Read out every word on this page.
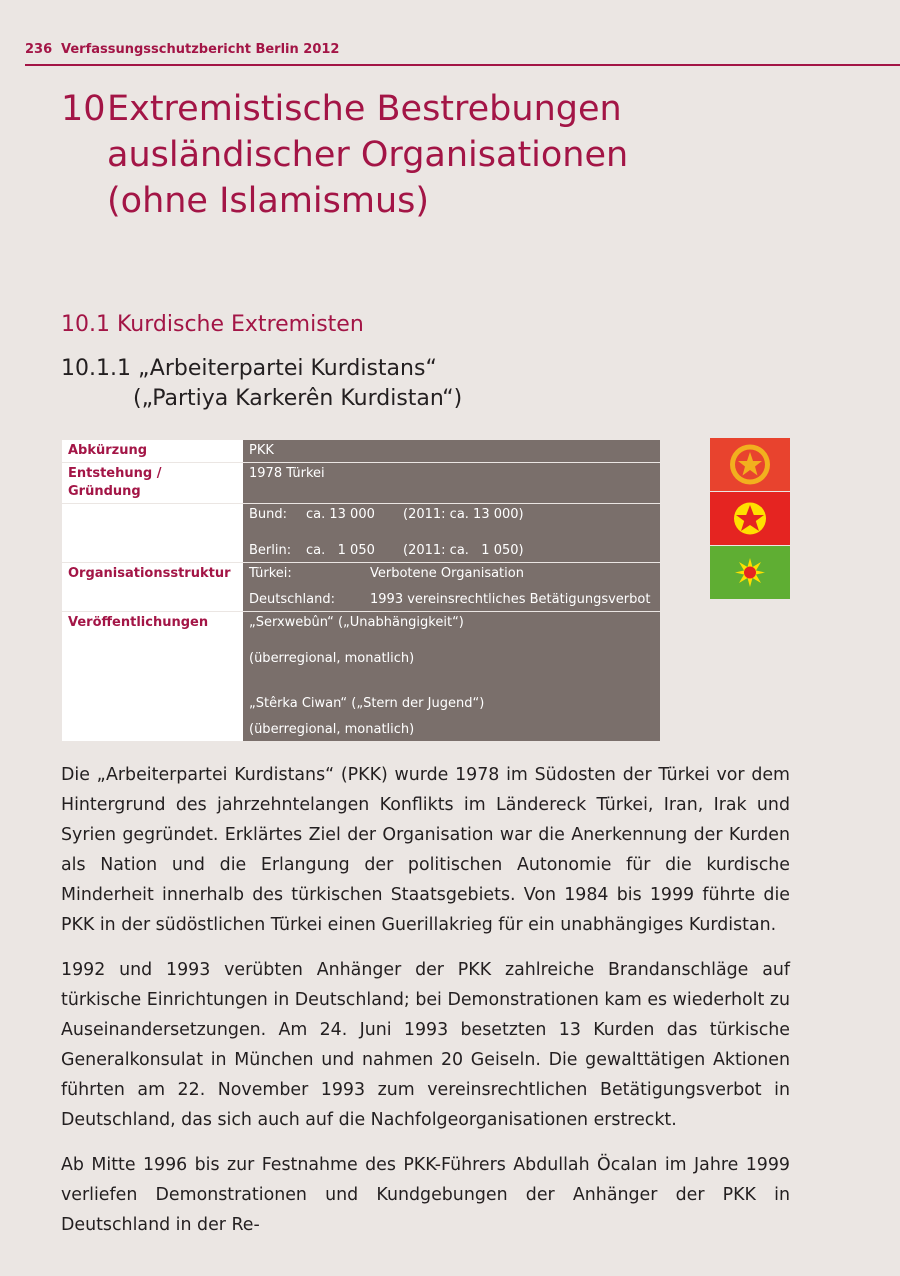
236 Verfassungsschutzbericht Berlin 2012
10Extremistische Bestrebungen
ausländischer Organisationen
(ohne Islamismus)
10.1 Kurdische Extremisten
10.1.1 „Arbeiterpartei Kurdistans“
(„Partiya Karkerên Kurdistan“)
Abkürzung	PKK
Entstehung / Gründung	1978 Türkei

	Bund: ca. 13 000 (2011: ca. 13 000)
Berlin: ca.   1 050 (2011: ca.   1 050)

Organisationsstruktur	Türkei: Verbotene Organisation
Deutschland: 1993 vereinsrechtliches Betätigungsverbot

Veröffentlichungen	„Serxwebûn“ („Unabhängigkeit“)
(überregional, monatlich)
„Stêrka Ciwan“ („Stern der Jugend“)
(überregional, monatlich)

Die „Arbeiterpartei Kurdistans“ (PKK) wurde 1978 im Südosten der Türkei vor dem Hintergrund des jahrzehntelangen Konflikts im Ländereck Türkei, Iran, Irak und Syrien gegründet. Erklärtes Ziel der Organisation war die Anerkennung der Kurden als Nation und die Erlangung der politischen Autonomie für die kurdische Minderheit innerhalb des türkischen Staatsgebiets. Von 1984 bis 1999 führte die PKK in der südöstlichen Türkei einen Guerillakrieg für ein unabhängiges Kurdistan.

1992 und 1993 verübten Anhänger der PKK zahlreiche Brandanschläge auf türkische Einrichtungen in Deutschland; bei Demonstrationen kam es wiederholt zu Auseinandersetzungen. Am 24. Juni 1993 besetzten 13 Kurden das türkische Generalkonsulat in München und nahmen 20 Geiseln. Die gewalttätigen Aktionen führten am 22. November 1993 zum vereinsrechtlichen Betätigungsverbot in Deutschland, das sich auch auf die Nachfolgeorganisationen erstreckt.

Ab Mitte 1996 bis zur Festnahme des PKK-Führers Abdullah Öcalan im Jahre 1999 verliefen Demonstrationen und Kundgebungen der Anhänger der PKK in Deutschland in der Re-
